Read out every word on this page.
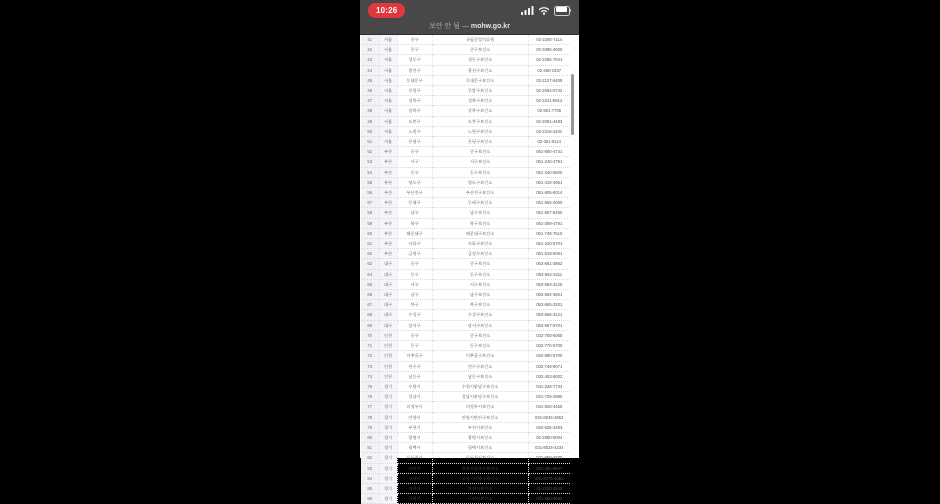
10:26
보안 안 됨 — mohw.go.kr
41	서울	중구	국립중앙의료원	02-2260-7114
42	서울	중구	중구보건소	02-3396-4000
43	서울	성동구	성동구보건소	02-2286-7041
44	서울	광진구	광진구보건소	02-450-1937
45	서울	동대문구	동대문구보건소	02-2127-5409
46	서울	중랑구	중랑구보건소	02-2094-0742
47	서울	성북구	성북구보건소	02-2241-5912
48	서울	강북구	강북구보건소	02-901-7706
49	서울	도봉구	도봉구보건소	02-2091-4483
50	서울	노원구	노원구보건소	02-2116-4331
51	서울	은평구	은평구보건소	02-351-8114
52	부산	중구	중구보건소	051-600-4741
53	부산	서구	서구보건소	051-240-4791
54	부산	동구	동구보건소	051-440-6500
55	부산	영도구	영도구보건소	051-419-4951
56	부산	부산진구	부산진구보건소	051-605-6014
57	부산	동래구	동래구보건소	051-555-4000
58	부산	남구	남구보건소	051-607-6460
59	부산	북구	북구보건소	051-309-4791
60	부산	해운대구	해운대구보건소	051-749-7510
61	부산	사하구	사하구보건소	051-220-5701
62	부산	금정구	금정구보건소	051-519-5051
63	대구	중구	중구보건소	053-661-3862
64	대구	동구	동구보건소	053-662-3211
65	대구	서구	서구보건소	053-663-3125
66	대구	남구	남구보건소	053-664-3601
67	대구	북구	북구보건소	053-665-3201
68	대구	수성구	수성구보건소	053-666-3121
69	대구	달서구	달서구보건소	053-667-5701
70	인천	중구	중구보건소	032-760-6060
71	인천	동구	동구보건소	032-770-5700
72	인천	미추홀구	미추홀구보건소	032-880-5700
73	인천	연수구	연수구보건소	032-749-8071
74	인천	남동구	남동구보건소	032-453-5002
75	경기	수원시	수원시팔달구보건소	031-228-7733
76	경기	성남시	성남시분당구보건소	031-729-3990
77	경기	의정부시	의정부시보건소	031-828-4455
78	경기	안양시	안양시만안구보건소	031-8045-3552
79	경기	부천시	부천시보건소	032-625-4283
80	경기	광명시	광명시보건소	02-2680-5004
81	경기	평택시	평택시보건소	031-8024-4234
82	경기	동두천시	동두천시보건소	031-860-3330
83	경기	안산시	안산시상록수보건소	031-481-5947
84	경기	고양시	고양시덕양구보건소	031-8075-4081
85	경기	과천시	과천시보건소	02-2150-3840
86	경기	구리시	구리시보건소	031-550-8690
